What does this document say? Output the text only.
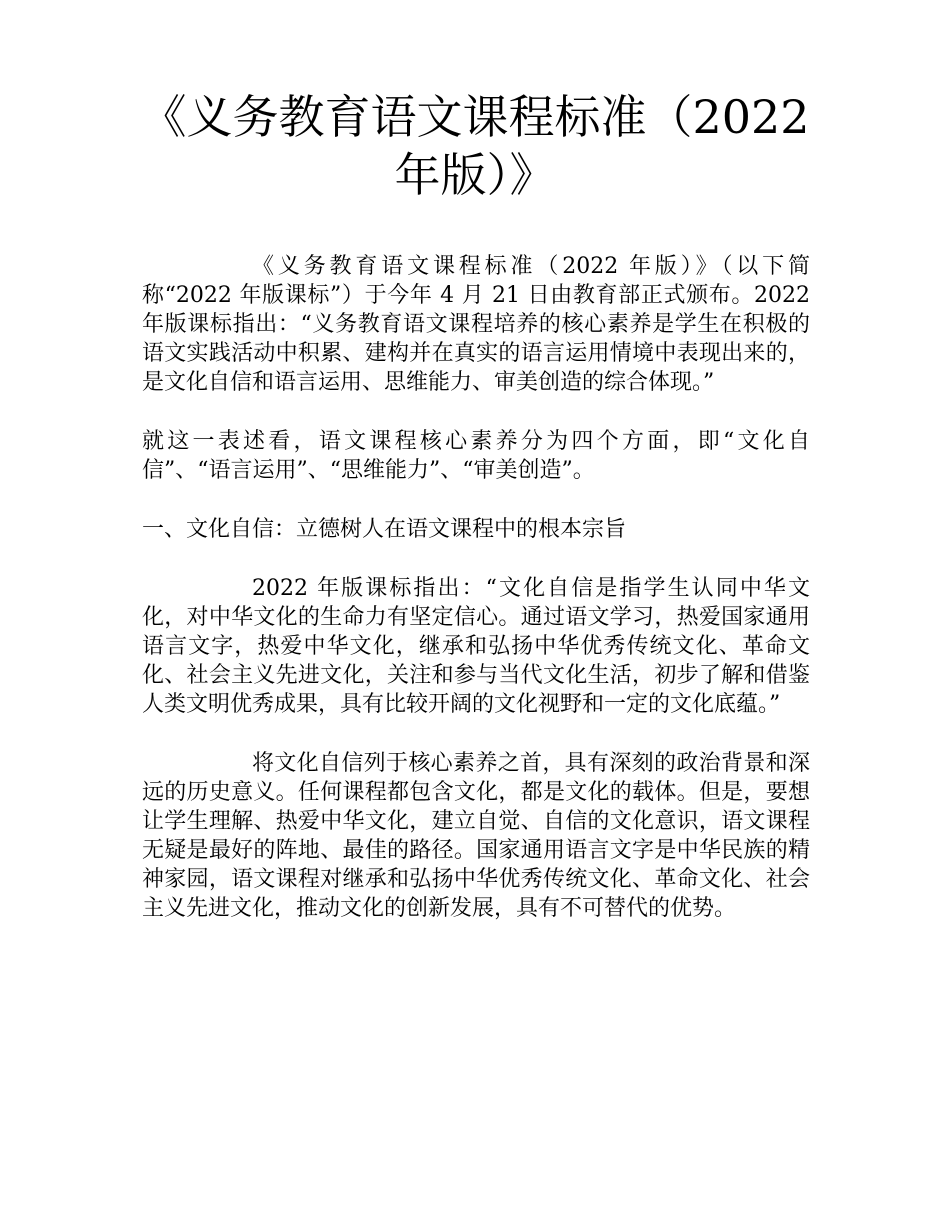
《义务教育语文课程标准（2022年版）》

《义务教育语文课程标准（2022 年版）》（以下简称“2022 年版课标”）于今年 4 月 21 日由教育部正式颁布。2022 年版课标指出：“义务教育语文课程培养的核心素养是学生在积极的语文实践活动中积累、建构并在真实的语言运用情境中表现出来的，是文化自信和语言运用、思维能力、审美创造的综合体现。”

就这一表述看，语文课程核心素养分为四个方面，即“文化自信”、“语言运用”、“思维能力”、“审美创造”。

一、文化自信：立德树人在语文课程中的根本宗旨

2022 年版课标指出：“文化自信是指学生认同中华文化，对中华文化的生命力有坚定信心。通过语文学习，热爱国家通用语言文字，热爱中华文化，继承和弘扬中华优秀传统文化、革命文化、社会主义先进文化，关注和参与当代文化生活，初步了解和借鉴人类文明优秀成果，具有比较开阔的文化视野和一定的文化底蕴。”

将文化自信列于核心素养之首，具有深刻的政治背景和深远的历史意义。任何课程都包含文化，都是文化的载体。但是，要想让学生理解、热爱中华文化，建立自觉、自信的文化意识，语文课程无疑是最好的阵地、最佳的路径。国家通用语言文字是中华民族的精神家园，语文课程对继承和弘扬中华优秀传统文化、革命文化、社会主义先进文化，推动文化的创新发展，具有不可替代的优势。
